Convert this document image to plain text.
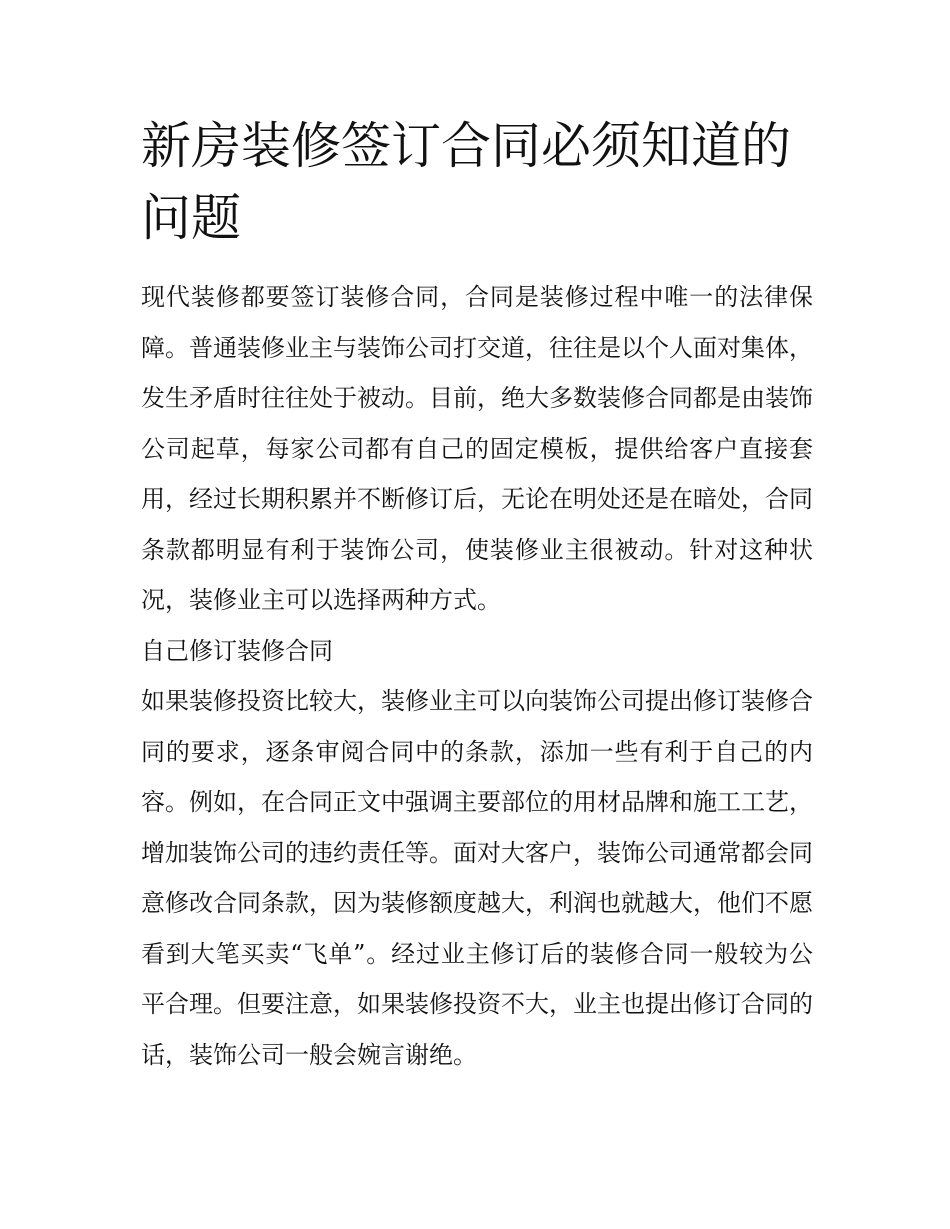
新房装修签订合同必须知道的问题

现代装修都要签订装修合同，合同是装修过程中唯一的法律保障。普通装修业主与装饰公司打交道，往往是以个人面对集体，发生矛盾时往往处于被动。目前，绝大多数装修合同都是由装饰公司起草，每家公司都有自己的固定模板，提供给客户直接套用，经过长期积累并不断修订后，无论在明处还是在暗处，合同条款都明显有利于装饰公司，使装修业主很被动。针对这种状况，装修业主可以选择两种方式。

自己修订装修合同

如果装修投资比较大，装修业主可以向装饰公司提出修订装修合同的要求，逐条审阅合同中的条款，添加一些有利于自己的内容。例如，在合同正文中强调主要部位的用材品牌和施工工艺，增加装饰公司的违约责任等。面对大客户，装饰公司通常都会同意修改合同条款，因为装修额度越大，利润也就越大，他们不愿看到大笔买卖“飞单”。经过业主修订后的装修合同一般较为公平合理。但要注意，如果装修投资不大，业主也提出修订合同的话，装饰公司一般会婉言谢绝。
